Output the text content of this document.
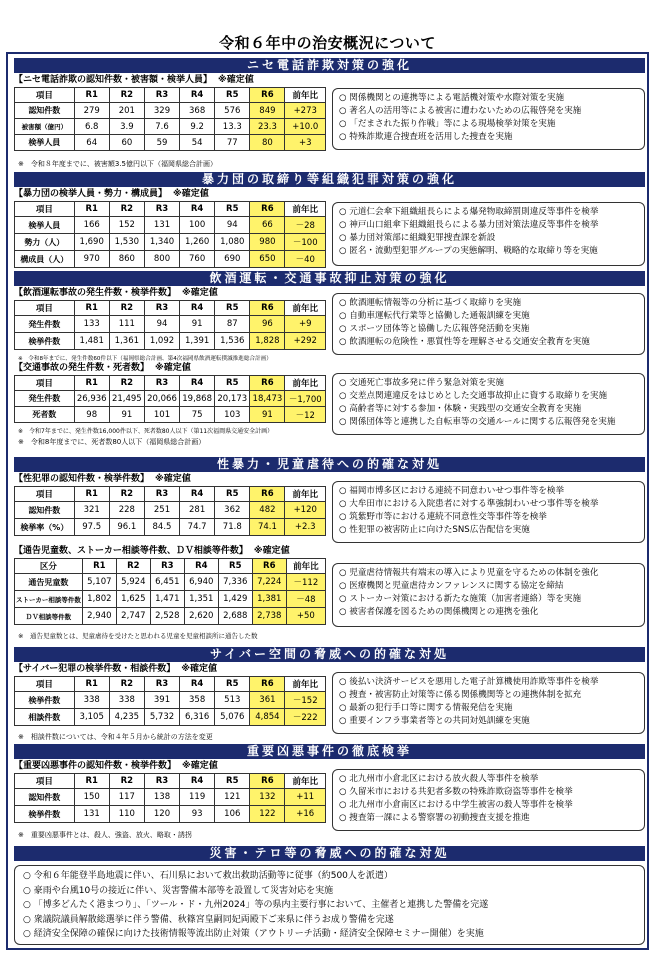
令和６年中の治安概況について
ニセ電話詐欺対策の強化
【ニセ電話詐欺の認知件数・被害額・検挙人員】 ※確定値
項目	R1	R2	R3	R4	R5	R6	前年比
認知件数	279	201	329	368	576	849	+273
被害額（億円）	6.8	3.9	7.6	9.2	13.3	23.3	+10.0
検挙人員	64	60	59	54	77	80	+3
※　令和８年度までに、被害額3.5億円以下（福岡県総合計画）
○ 関係機関との連携等による電話機対策や水際対策を実施
○ 著名人の活用等による被害に遭わないための広報啓発を実施
○ 「だまされた振り作戦」等による現場検挙対策を実施
○ 特殊詐欺連合捜査班を活用した捜査を実施
暴力団の取締り等組織犯罪対策の強化
【暴力団の検挙人員・勢力・構成員】 ※確定値
項目	R1	R2	R3	R4	R5	R6	前年比
検挙人員	166	152	131	100	94	66	－28
勢力（人）	1,690	1,530	1,340	1,260	1,080	980	－100
構成員（人）	970	860	800	760	690	650	－40
○ 元道仁会傘下組織組長らによる爆発物取締罰則違反等事件を検挙
○ 神戸山口組傘下組織組長らによる暴力団対策法違反等事件を検挙
○ 暴力団対策部に組織犯罪捜査課を新設
○ 匿名・流動型犯罪グループの実態解明、戦略的な取締り等を実施
飲酒運転・交通事故抑止対策の強化
【飲酒運転事故の発生件数・検挙件数】 ※確定値
項目	R1	R2	R3	R4	R5	R6	前年比
発生件数	133	111	94	91	87	96	+9
検挙件数	1,481	1,361	1,092	1,391	1,536	1,828	+292
※　令和8年までに、発生件数60件以下（福岡県総合計画、第4次福岡県飲酒運転撲滅推進総合計画）
○ 飲酒運転情報等の分析に基づく取締りを実施
○ 自動車運転代行業等と協働した通報訓練を実施
○ スポーツ団体等と協働した広報啓発活動を実施
○ 飲酒運転の危険性・悪質性等を理解させる交通安全教育を実施
【交通事故の発生件数・死者数】 ※確定値
項目	R1	R2	R3	R4	R5	R6	前年比
発生件数	26,936	21,495	20,066	19,868	20,173	18,473	－1,700
死者数	98	91	101	75	103	91	－12
※　令和7年までに、発生件数16,000件以下、死者数80人以下（第11次福岡県交通安全計画）
※　令和8年度までに、死者数80人以下（福岡県総合計画）
○ 交通死亡事故多発に伴う緊急対策を実施
○ 交差点関連違反をはじめとした交通事故抑止に資する取締りを実施
○ 高齢者等に対する参加・体験・実践型の交通安全教育を実施
○ 関係団体等と連携した自転車等の交通ルールに関する広報啓発を実施
性暴力・児童虐待への的確な対処
【性犯罪の認知件数・検挙件数】 ※確定値
項目	R1	R2	R3	R4	R5	R6	前年比
認知件数	321	228	251	281	362	482	+120
検挙率（%）	97.5	96.1	84.5	74.7	71.8	74.1	+2.3
○ 福岡市博多区における連続不同意わいせつ事件等を検挙
○ 大牟田市における入院患者に対する準強制わいせつ事件等を検挙
○ 筑紫野市等における連続不同意性交等事件等を検挙
○ 性犯罪の被害防止に向けたSNS広告配信を実施
【通告児童数、ストーカー相談等件数、ＤＶ相談等件数】 ※確定値
区分	R1	R2	R3	R4	R5	R6	前年比
通告児童数	5,107	5,924	6,451	6,940	7,336	7,224	－112
ストーカー相談等件数	1,802	1,625	1,471	1,351	1,429	1,381	－48
ＤＶ相談等件数	2,940	2,747	2,528	2,620	2,688	2,738	+50
※　通告児童数とは、児童虐待を受けたと思われる児童を児童相談所に通告した数
○ 児童虐待情報共有端末の導入により児童を守るための体制を強化
○ 医療機関と児童虐待カンファレンスに関する協定を締結
○ ストーカー対策における新たな施策（加害者連絡）等を実施
○ 被害者保護を図るための関係機関との連携を強化
サイバー空間の脅威への的確な対処
【サイバー犯罪の検挙件数・相談件数】 ※確定値
項目	R1	R2	R3	R4	R5	R6	前年比
検挙件数	338	338	391	358	513	361	－152
相談件数	3,105	4,235	5,732	6,316	5,076	4,854	－222
※　相談件数については、令和４年５月から統計の方法を変更
○ 後払い決済サービスを悪用した電子計算機使用詐欺等事件を検挙
○ 捜査・被害防止対策等に係る関係機関等との連携体制を拡充
○ 最新の犯行手口等に関する情報発信を実施
○ 重要インフラ事業者等との共同対処訓練を実施
重要凶悪事件の徹底検挙
【重要凶悪事件の認知件数・検挙件数】 ※確定値
項目	R1	R2	R3	R4	R5	R6	前年比
認知件数	150	117	138	119	121	132	+11
検挙件数	131	110	120	93	106	122	+16
※　重要凶悪事件とは、殺人、強盗、放火、略取・誘拐
○ 北九州市小倉北区における放火殺人等事件を検挙
○ 久留米市における共犯者多数の特殊詐欺窃盗等事件を検挙
○ 北九州市小倉南区における中学生被害の殺人等事件を検挙
○ 捜査第一課による警察署の初動捜査支援を推進
災害・テロ等の脅威への的確な対処
○ 令和６年能登半島地震に伴い、石川県において救出救助活動等に従事（約500人を派遣）
○ 豪雨や台風10号の接近に伴い、災害警備本部等を設置して災害対応を実施
○ 「博多どんたく港まつり」、「ツール・ド・九州2024」等の県内主要行事において、主催者と連携した警備を完遂
○ 衆議院議員解散総選挙に伴う警備、秋篠宮皇嗣同妃両殿下ご来県に伴うお成り警備を完遂
○ 経済安全保障の確保に向けた技術情報等流出防止対策（アウトリーチ活動・経済安全保障セミナー開催）を実施
